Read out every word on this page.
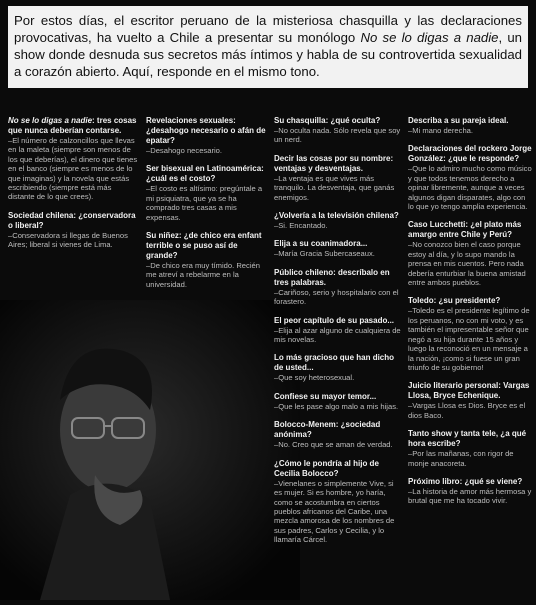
Por estos días, el escritor peruano de la misteriosa chasquilla y las declaraciones provocativas, ha vuelto a Chile a presentar su monólogo No se lo digas a nadie, un show donde desnuda sus secretos más íntimos y habla de su controvertida sexualidad a corazón abierto. Aquí, responde en el mismo tono.
No se lo digas a nadie: tres cosas que nunca deberían contarse.
–El número de calzoncillos que llevas en la maleta (siempre son menos de los que deberías), el dinero que tienes en el banco (siempre es menos de lo que imaginas) y la novela que estás escribiendo (siempre está más distante de lo que crees).
Sociedad chilena: ¿conservadora o liberal?
–Conservadora si llegas de Buenos Aires; liberal si vienes de Lima.
Revelaciones sexuales: ¿desahogo necesario o afán de epatar?
–Desahogo necesario.
Ser bisexual en Latinoamérica: ¿cuál es el costo?
–El costo es altísimo: pregúntale a mi psiquiatra, que ya se ha comprado tres casas a mis expensas.
Su niñez: ¿de chico era enfant terrible o se puso así de grande?
–De chico era muy tímido. Recién me atreví a rebelarme en la universidad.
Su chasquilla: ¿qué oculta?
–No oculta nada. Sólo revela que soy un nerd.
Decir las cosas por su nombre: ventajas y desventajas.
–La ventaja es que vives más tranquilo. La desventaja, que ganás enemigos.
¿Volvería a la televisión chilena?
–Si. Encantado.
Elija a su coanimadora...
–María Gracia Subercaseaux.
Público chileno: descríbalo en tres palabras.
–Cariñoso, serio y hospitalario con el forastero.
El peor capítulo de su pasado...
–Elija al azar alguno de cualquiera de mis novelas.
Lo más gracioso que han dicho de usted...
–Que soy heterosexual.
Confiese su mayor temor...
–Que les pase algo malo a mis hijas.
Bolocco-Menem: ¿sociedad anónima?
–No. Creo que se aman de verdad.
¿Cómo le pondría al hijo de Cecilia Bolocco?
–Vienelanes o simplemente Vive, si es mujer. Si es hombre, yo haría, como se acostumbra en ciertos pueblos africanos del Caribe, una mezcla amorosa de los nombres de sus padres, Carlos y Cecilia, y lo llamaría Cárcel.
Describa a su pareja ideal.
–Mi mano derecha.
Declaraciones del rockero Jorge González: ¿que le responde?
–Que lo admiro mucho como músico y que todos tenemos derecho a opinar libremente, aunque a veces algunos digan disparates, algo con lo que yo tengo amplia experiencia.
Caso Lucchetti: ¿el plato más amargo entre Chile y Perú?
–No conozco bien el caso porque estoy al día, y lo supo mando la prensa en mis cuentos. Pero nada debería enturbiar la buena amistad entre ambos pueblos.
Toledo: ¿su presidente?
–Toledo es el presidente legítimo de los peruanos, no con mi voto, y es también el impresentable señor que negó a su hija durante 15 años y luego la reconoció en un mensaje a la nación, ¡como si fuese un gran triunfo de su gobierno!
Juicio literario personal: Vargas Llosa, Bryce Echenique.
–Vargas Llosa es Dios. Bryce es el dios Baco.
Tanto show y tanta tele, ¿a qué hora escribe?
–Por las mañanas, con rigor de monje anacoreta.
Próximo libro: ¿qué se viene?
–La historia de amor más hermosa y brutal que me ha tocado vivir.
